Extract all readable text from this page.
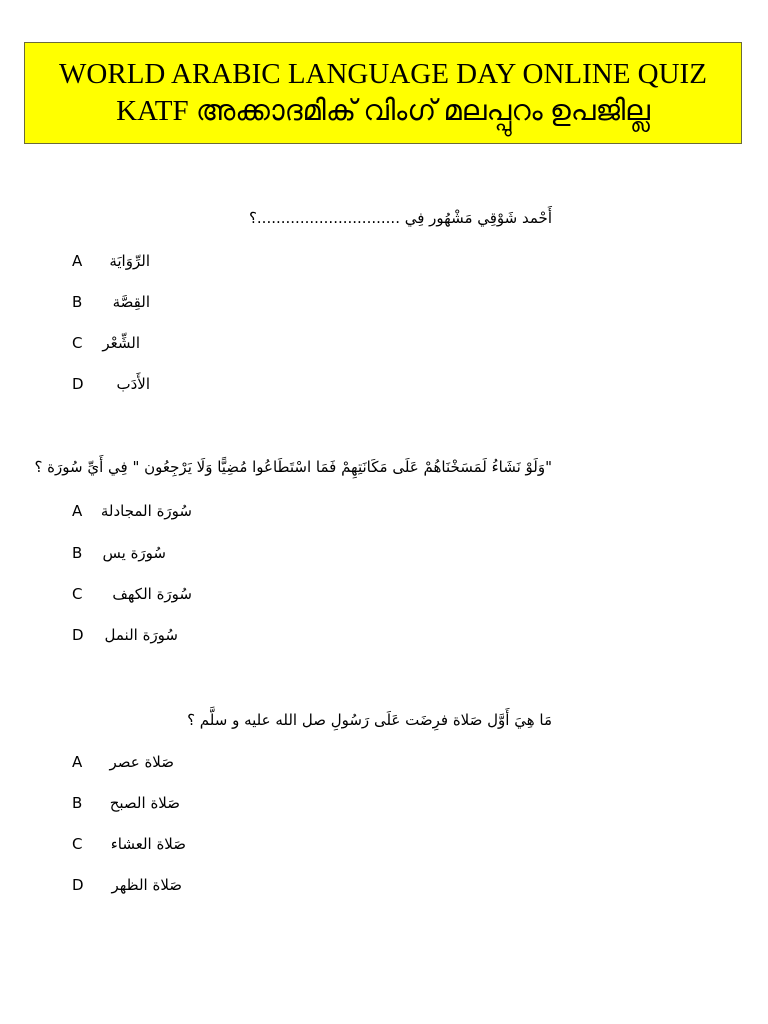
WORLD ARABIC LANGUAGE DAY ONLINE QUIZ
KATF അക്കാദമിക് വിംഗ് മലപ്പുറം ഉപജില്ല
أَحْمد شَوْقِي مَشْهُور فِي ..............................؟
A الرِّوَايَة
B القِصَّة
C الشِّعْر
D الأَدَب
"وَلَوْ نَشَاءُ لَمَسَخْنَاهُمْ عَلَى مَكَانَتِهِمْ فَمَا اسْتَطَاعُوا مُضِيًّا وَلَا يَرْجِعُون " فِي أَيِّ سُورَة ؟
A سُورَة المجادلة
B سُورَة يس
C سُورَة الكهف
D سُورَة النمل
مَا هِيَ أَوَّل صَلاة فرِضَت عَلَى رَسُولِ صل الله عليه و سلَّم ؟
A صَلاة عصر
B صَلاة الصبح
C صَلاة العشاء
D صَلاة الظهر
